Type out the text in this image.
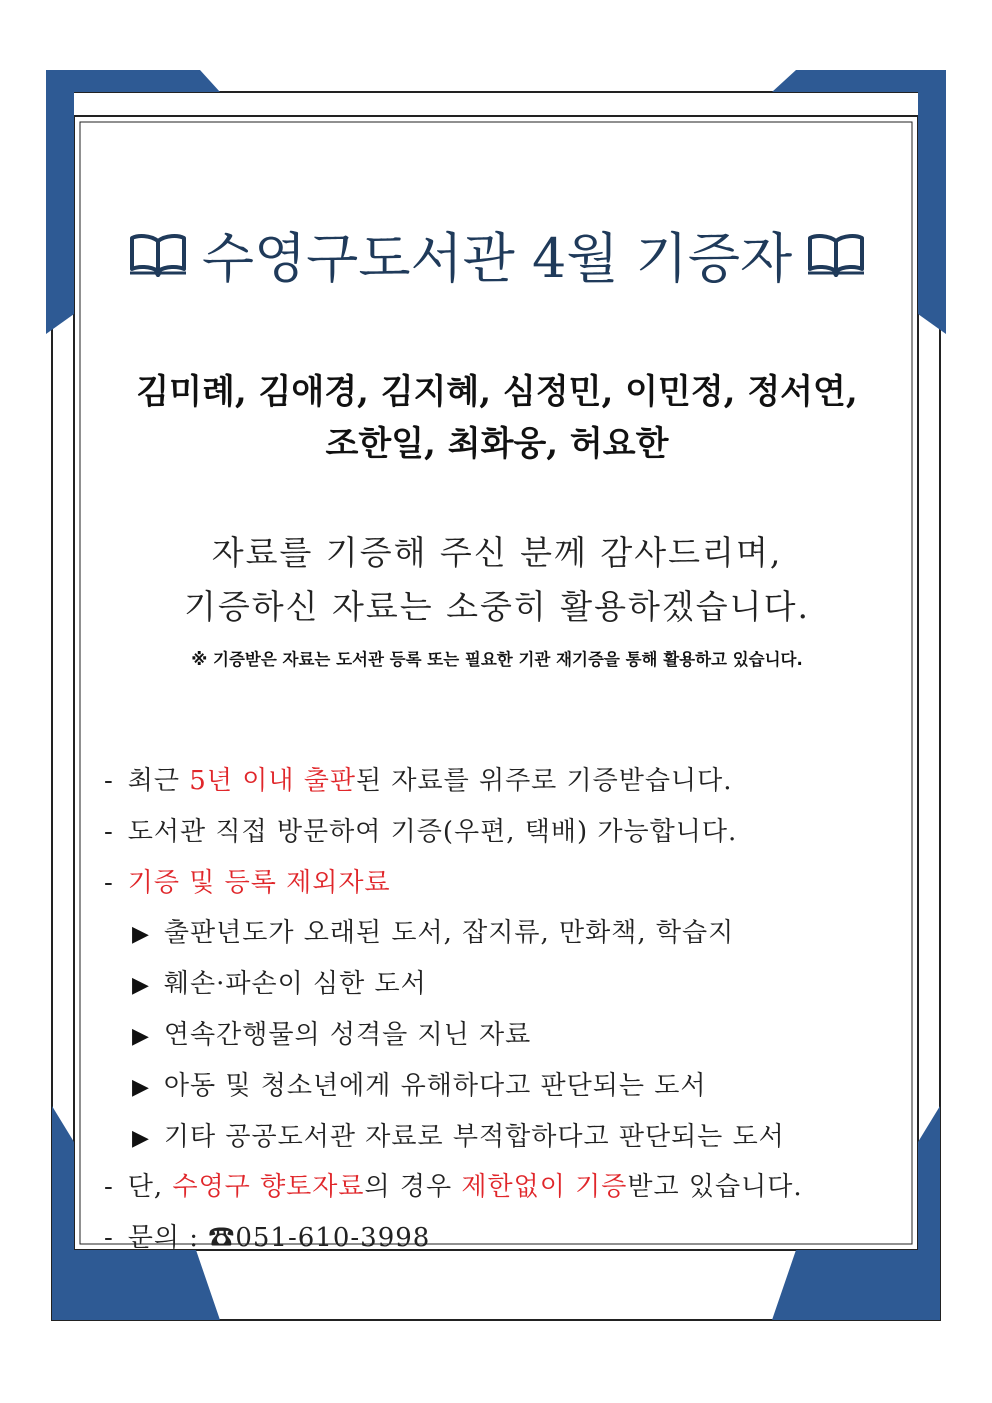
수영구도서관 4월 기증자
김미례, 김애경, 김지혜, 심정민, 이민정, 정서연,
조한일, 최화웅, 허요한
자료를 기증해 주신 분께 감사드리며,
기증하신 자료는 소중히 활용하겠습니다.
※ 기증받은 자료는 도서관 등록 또는 필요한 기관 재기증을 통해 활용하고 있습니다.
- 최근 5년 이내 출판된 자료를 위주로 기증받습니다.
- 도서관 직접 방문하여 기증(우편, 택배) 가능합니다.
- 기증 및 등록 제외자료
▶ 출판년도가 오래된 도서, 잡지류, 만화책, 학습지
▶ 훼손·파손이 심한 도서
▶ 연속간행물의 성격을 지닌 자료
▶ 아동 및 청소년에게 유해하다고 판단되는 도서
▶ 기타 공공도서관 자료로 부적합하다고 판단되는 도서
- 단, 수영구 향토자료의 경우 제한없이 기증받고 있습니다.
- 문의 : ☎051-610-3998
